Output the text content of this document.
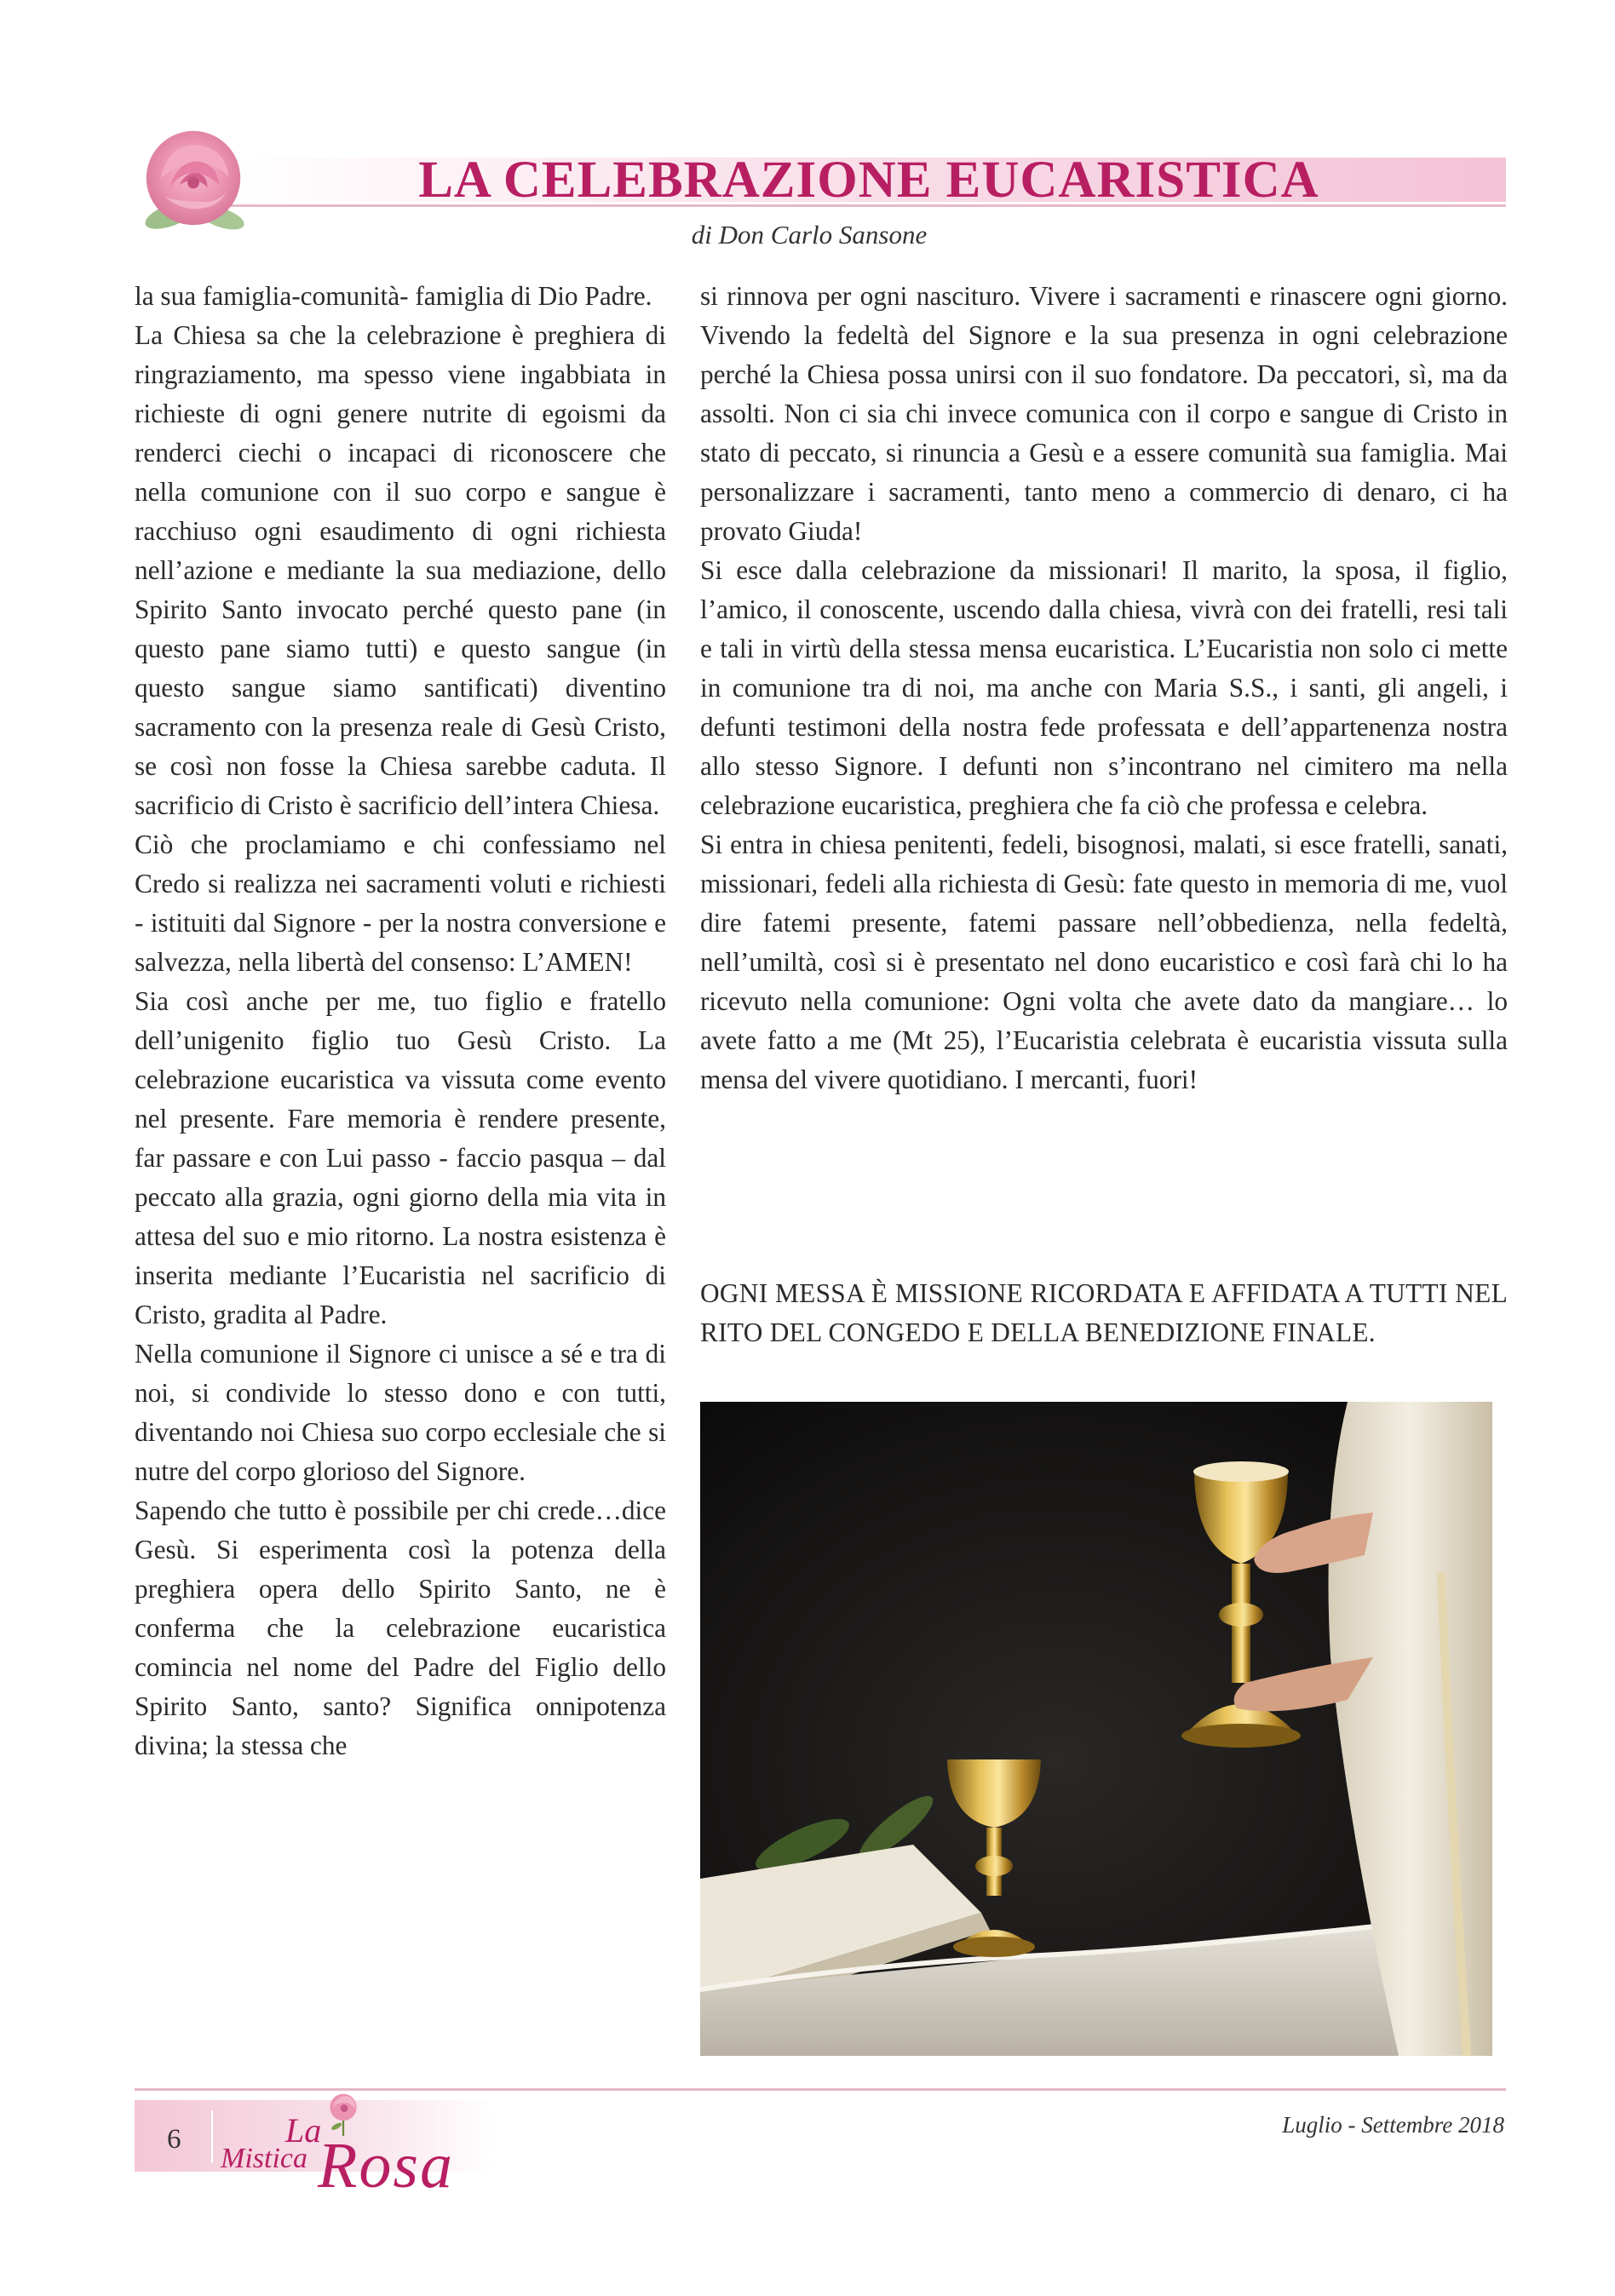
LA CELEBRAZIONE EUCARISTICA
di Don Carlo Sansone

la sua famiglia-comunità- famiglia di Dio Padre.

La Chiesa sa che la celebrazione è preghiera di ringraziamento, ma spesso viene ingabbiata in richieste di ogni genere nutrite di egoismi da renderci ciechi o incapaci di riconoscere che nella comunione con il suo corpo e sangue è racchiuso ogni esaudimento di ogni richiesta nell’azione e mediante la sua mediazione, dello Spirito Santo invocato perché questo pane (in questo pane siamo tutti) e questo sangue (in questo sangue siamo santificati) diventino sacramento con la presenza reale di Gesù Cristo, se così non fosse la Chiesa sarebbe caduta. Il sacrificio di Cristo è sacrificio dell’intera Chiesa.

Ciò che proclamiamo e chi confessiamo nel Credo si realizza nei sacramenti voluti e richiesti - istituiti dal Signore - per la nostra conversione e salvezza, nella libertà del consenso: L’AMEN!

Sia così anche per me, tuo figlio e fratello dell’unigenito figlio tuo Gesù Cristo. La celebrazione eucaristica va vissuta come evento nel presente. Fare memoria è rendere presente, far passare e con Lui passo - faccio pasqua – dal peccato alla grazia, ogni giorno della mia vita in attesa del suo e mio ritorno. La nostra esistenza è inserita mediante l’Eucaristia nel sacrificio di Cristo, gradita al Padre.

Nella comunione il Signore ci unisce a sé e tra di noi, si condivide lo stesso dono e con tutti, diventando noi Chiesa suo corpo ecclesiale che si nutre del corpo glorioso del Signore.

Sapendo che tutto è possibile per chi crede…dice Gesù. Si esperimenta così la potenza della preghiera opera dello Spirito Santo, ne è conferma che la celebrazione eucaristica comincia nel nome del Padre del Figlio dello Spirito Santo, santo? Significa onnipotenza divina; la stessa che

si rinnova per ogni nascituro. Vivere i sacramenti e rinascere ogni giorno. Vivendo la fedeltà del Signore e la sua presenza in ogni celebrazione perché la Chiesa possa unirsi con il suo fondatore. Da peccatori, sì, ma da assolti. Non ci sia chi invece comunica con il corpo e sangue di Cristo in stato di peccato, si rinuncia a Gesù e a essere comunità sua famiglia. Mai personalizzare i sacramenti, tanto meno a commercio di denaro, ci ha provato Giuda!

Si esce dalla celebrazione da missionari! Il marito, la sposa, il figlio, l’amico, il conoscente, uscendo dalla chiesa, vivrà con dei fratelli, resi tali e tali in virtù della stessa mensa eucaristica. L’Eucaristia non solo ci mette in comunione tra di noi, ma anche con Maria S.S., i santi, gli angeli, i defunti testimoni della nostra fede professata e dell’appartenenza nostra allo stesso Signore. I defunti non s’incontrano nel cimitero ma nella celebrazione eucaristica, preghiera che fa ciò che professa e celebra.

Si entra in chiesa penitenti, fedeli, bisognosi, malati, si esce fratelli, sanati, missionari, fedeli alla richiesta di Gesù: fate questo in memoria di me, vuol dire fatemi presente, fatemi passare nell’obbedienza, nella fedeltà, nell’umiltà, così si è presentato nel dono eucaristico e così farà chi lo ha ricevuto nella comunione: Ogni volta che avete dato da mangiare… lo avete fatto a me (Mt 25), l’Eucaristia celebrata è eucaristia vissuta sulla mensa del vivere quotidiano. I mercanti, fuori!

OGNI MESSA È MISSIONE RICORDATA E AFFIDATA A TUTTI NEL RITO DEL CONGEDO E DELLA BENEDIZIONE FINALE.
6	La
Mistica Rosa
Luglio - Settembre 2018
